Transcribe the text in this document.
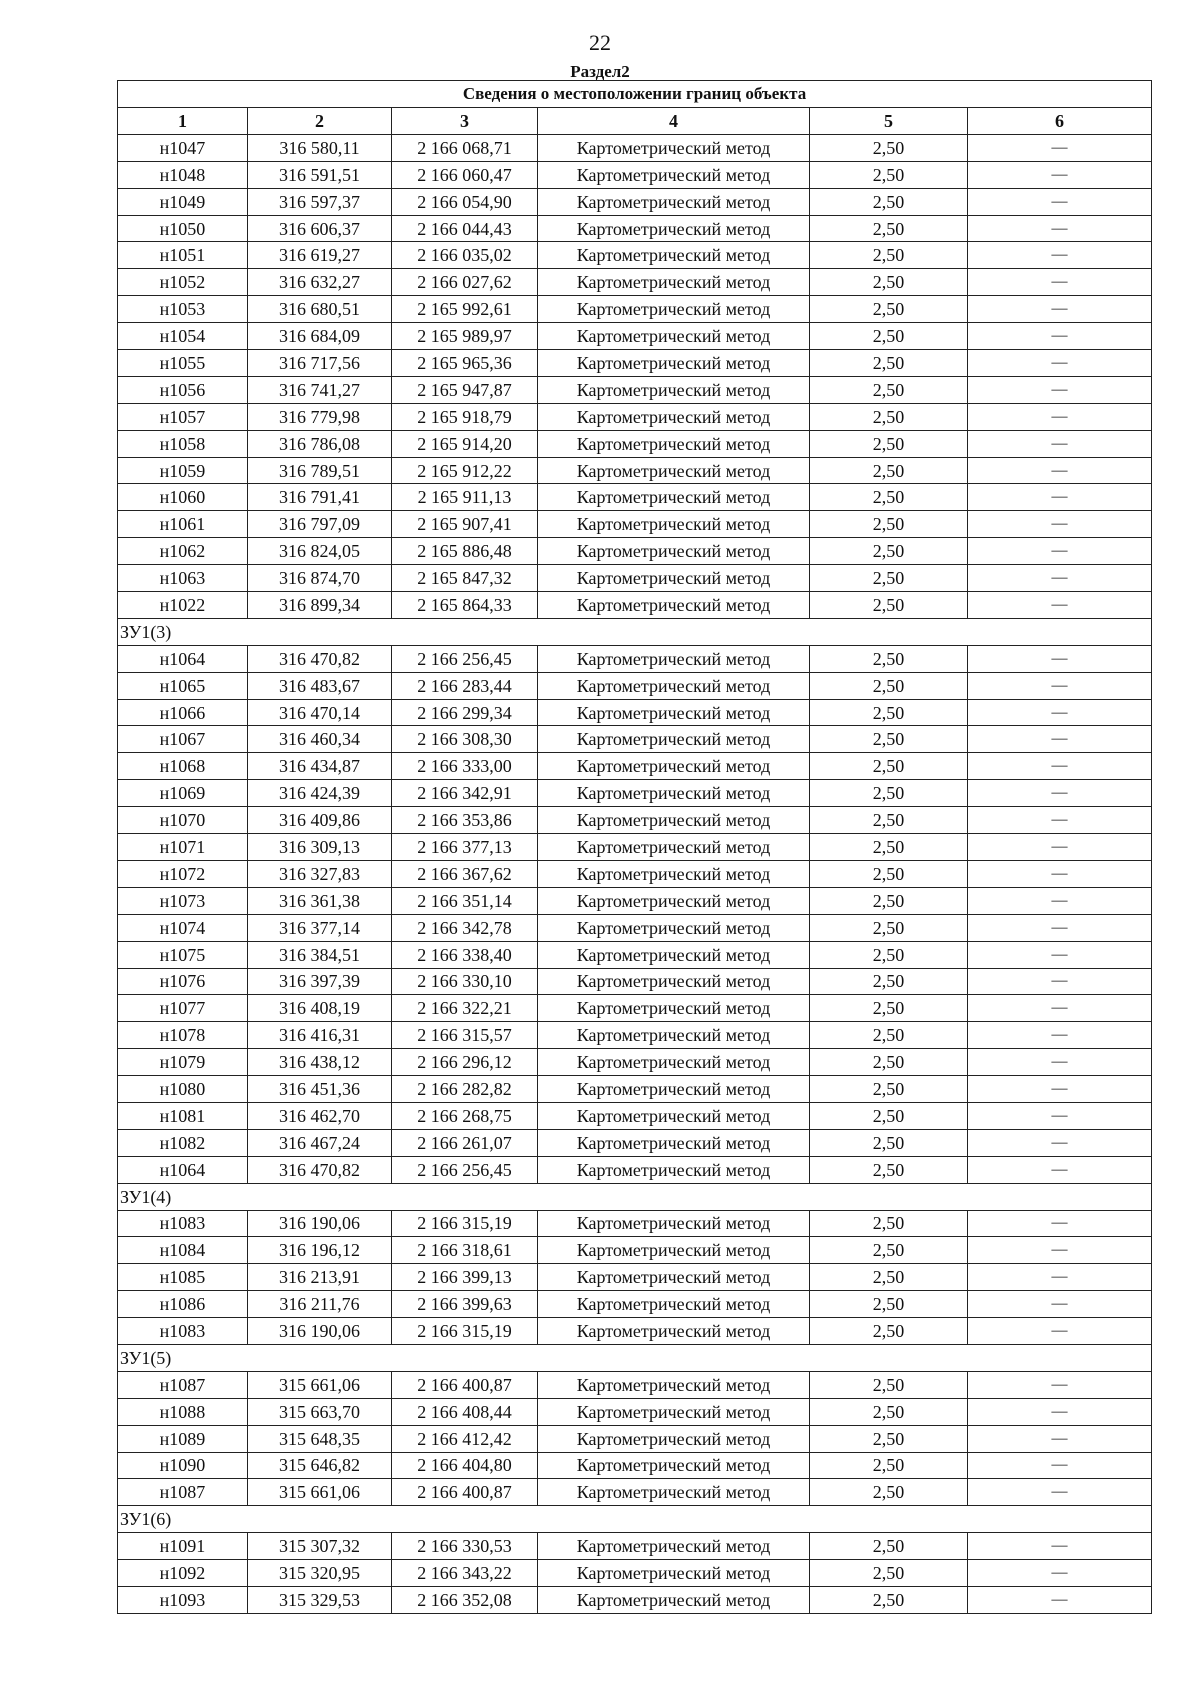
22
Раздел2
Сведения о местоположении границ объекта					
1	2	3	4	5	6
н1047	316 580,11	2 166 068,71	Картометрический метод	2,50	—
н1048	316 591,51	2 166 060,47	Картометрический метод	2,50	—
н1049	316 597,37	2 166 054,90	Картометрический метод	2,50	—
н1050	316 606,37	2 166 044,43	Картометрический метод	2,50	—
н1051	316 619,27	2 166 035,02	Картометрический метод	2,50	—
н1052	316 632,27	2 166 027,62	Картометрический метод	2,50	—
н1053	316 680,51	2 165 992,61	Картометрический метод	2,50	—
н1054	316 684,09	2 165 989,97	Картометрический метод	2,50	—
н1055	316 717,56	2 165 965,36	Картометрический метод	2,50	—
н1056	316 741,27	2 165 947,87	Картометрический метод	2,50	—
н1057	316 779,98	2 165 918,79	Картометрический метод	2,50	—
н1058	316 786,08	2 165 914,20	Картометрический метод	2,50	—
н1059	316 789,51	2 165 912,22	Картометрический метод	2,50	—
н1060	316 791,41	2 165 911,13	Картометрический метод	2,50	—
н1061	316 797,09	2 165 907,41	Картометрический метод	2,50	—
н1062	316 824,05	2 165 886,48	Картометрический метод	2,50	—
н1063	316 874,70	2 165 847,32	Картометрический метод	2,50	—
н1022	316 899,34	2 165 864,33	Картометрический метод	2,50	—
ЗУ1(3)					
н1064	316 470,82	2 166 256,45	Картометрический метод	2,50	—
н1065	316 483,67	2 166 283,44	Картометрический метод	2,50	—
н1066	316 470,14	2 166 299,34	Картометрический метод	2,50	—
н1067	316 460,34	2 166 308,30	Картометрический метод	2,50	—
н1068	316 434,87	2 166 333,00	Картометрический метод	2,50	—
н1069	316 424,39	2 166 342,91	Картометрический метод	2,50	—
н1070	316 409,86	2 166 353,86	Картометрический метод	2,50	—
н1071	316 309,13	2 166 377,13	Картометрический метод	2,50	—
н1072	316 327,83	2 166 367,62	Картометрический метод	2,50	—
н1073	316 361,38	2 166 351,14	Картометрический метод	2,50	—
н1074	316 377,14	2 166 342,78	Картометрический метод	2,50	—
н1075	316 384,51	2 166 338,40	Картометрический метод	2,50	—
н1076	316 397,39	2 166 330,10	Картометрический метод	2,50	—
н1077	316 408,19	2 166 322,21	Картометрический метод	2,50	—
н1078	316 416,31	2 166 315,57	Картометрический метод	2,50	—
н1079	316 438,12	2 166 296,12	Картометрический метод	2,50	—
н1080	316 451,36	2 166 282,82	Картометрический метод	2,50	—
н1081	316 462,70	2 166 268,75	Картометрический метод	2,50	—
н1082	316 467,24	2 166 261,07	Картометрический метод	2,50	—
н1064	316 470,82	2 166 256,45	Картометрический метод	2,50	—
ЗУ1(4)					
н1083	316 190,06	2 166 315,19	Картометрический метод	2,50	—
н1084	316 196,12	2 166 318,61	Картометрический метод	2,50	—
н1085	316 213,91	2 166 399,13	Картометрический метод	2,50	—
н1086	316 211,76	2 166 399,63	Картометрический метод	2,50	—
н1083	316 190,06	2 166 315,19	Картометрический метод	2,50	—
ЗУ1(5)					
н1087	315 661,06	2 166 400,87	Картометрический метод	2,50	—
н1088	315 663,70	2 166 408,44	Картометрический метод	2,50	—
н1089	315 648,35	2 166 412,42	Картометрический метод	2,50	—
н1090	315 646,82	2 166 404,80	Картометрический метод	2,50	—
н1087	315 661,06	2 166 400,87	Картометрический метод	2,50	—
ЗУ1(6)					
н1091	315 307,32	2 166 330,53	Картометрический метод	2,50	—
н1092	315 320,95	2 166 343,22	Картометрический метод	2,50	—
н1093	315 329,53	2 166 352,08	Картометрический метод	2,50	—
